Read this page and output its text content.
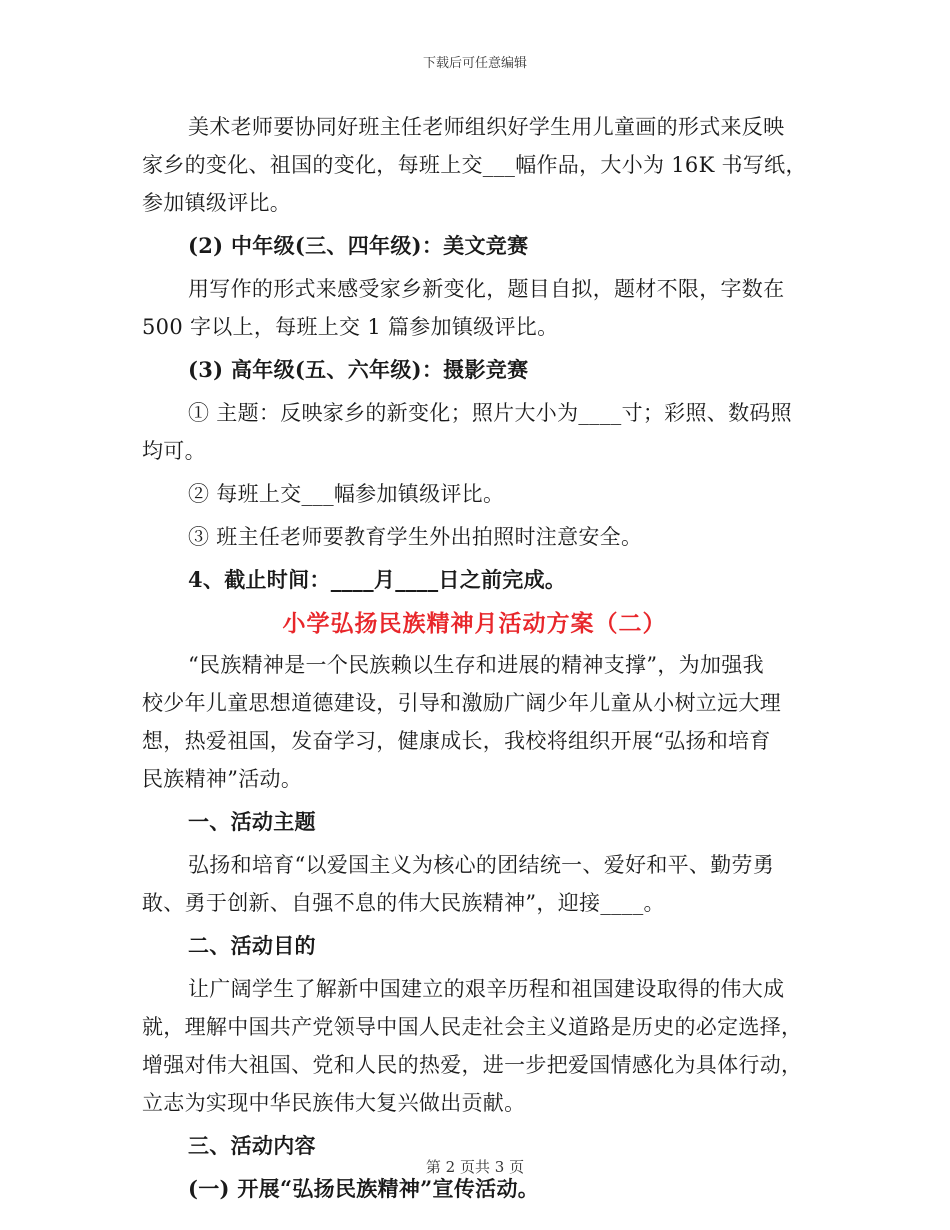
下载后可任意编辑
美术老师要协同好班主任老师组织好学生用儿童画的形式来反映
家乡的变化、祖国的变化，每班上交___幅作品，大小为 16K 书写纸，
参加镇级评比。
(2) 中年级(三、四年级)：美文竞赛
用写作的形式来感受家乡新变化，题目自拟，题材不限，字数在
500 字以上，每班上交 1 篇参加镇级评比。
(3) 高年级(五、六年级)：摄影竞赛
① 主题：反映家乡的新变化；照片大小为____寸；彩照、数码照
均可。
② 每班上交___幅参加镇级评比。
③ 班主任老师要教育学生外出拍照时注意安全。
4、截止时间：____月____日之前完成。
小学弘扬民族精神月活动方案（二）
“民族精神是一个民族赖以生存和进展的精神支撑”，为加强我
校少年儿童思想道德建设，引导和激励广阔少年儿童从小树立远大理
想，热爱祖国，发奋学习，健康成长，我校将组织开展“弘扬和培育
民族精神”活动。
一、活动主题
弘扬和培育“以爱国主义为核心的团结统一、爱好和平、勤劳勇
敢、勇于创新、自强不息的伟大民族精神”，迎接____。
二、活动目的
让广阔学生了解新中国建立的艰辛历程和祖国建设取得的伟大成
就，理解中国共产党领导中国人民走社会主义道路是历史的必定选择，
增强对伟大祖国、党和人民的热爱，进一步把爱国情感化为具体行动，
立志为实现中华民族伟大复兴做出贡献。
三、活动内容
(一) 开展“弘扬民族精神”宣传活动。
第 2 页共 3 页
